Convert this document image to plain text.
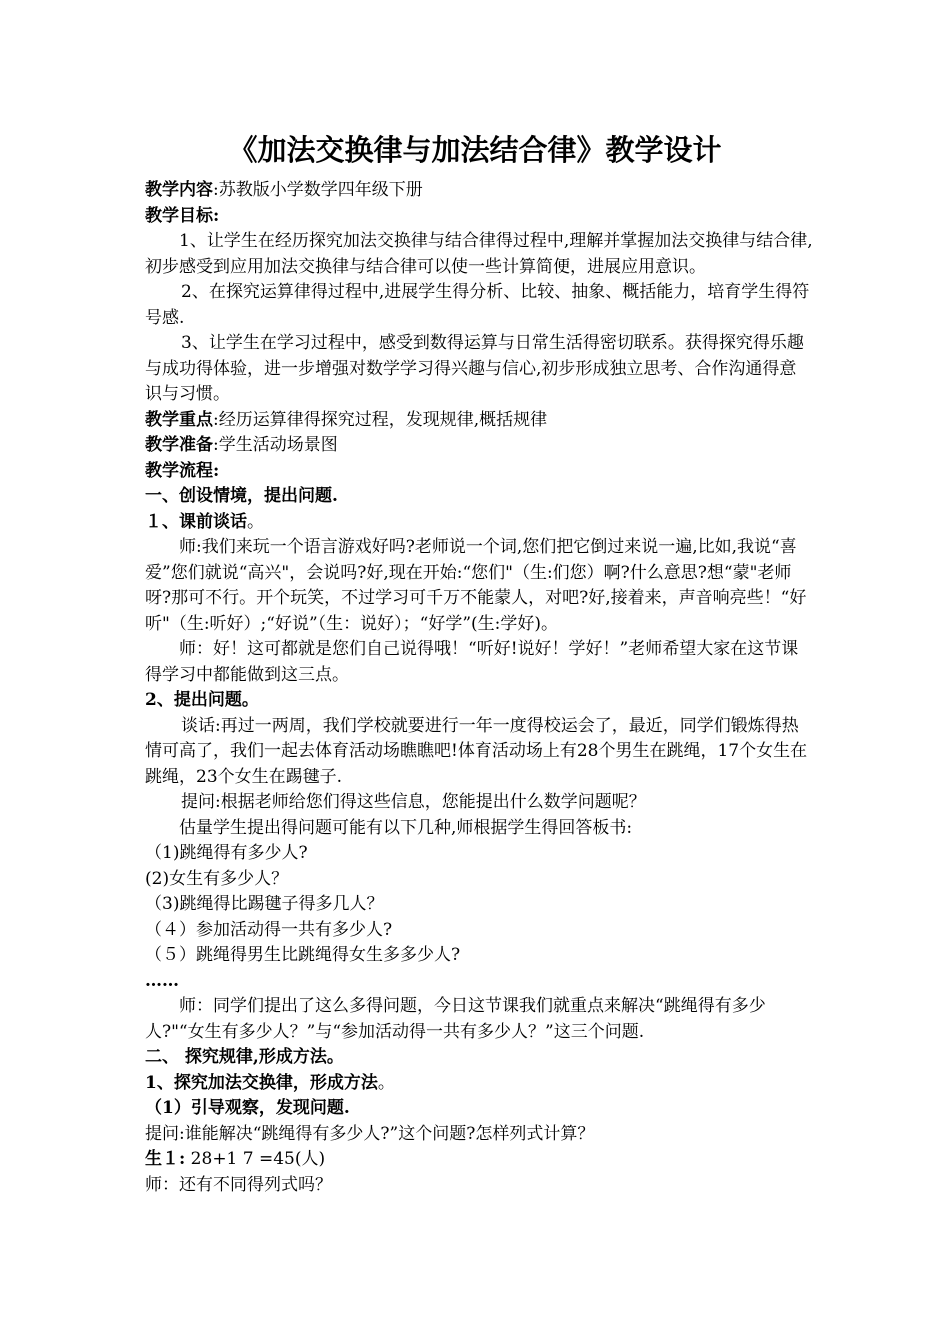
《加法交换律与加法结合律》教学设计

教学内容:苏教版小学数学四年级下册

教学目标:

1、让学生在经历探究加法交换律与结合律得过程中,理解并掌握加法交换律与结合律,初步感受到应用加法交换律与结合律可以使一些计算简便，进展应用意识。

2、在探究运算律得过程中,进展学生得分析、比较、抽象、概括能力，培育学生得符号感.

3、让学生在学习过程中，感受到数得运算与日常生活得密切联系。获得探究得乐趣与成功得体验，进一步增强对数学学习得兴趣与信心,初步形成独立思考、合作沟通得意识与习惯。

教学重点:经历运算律得探究过程，发现规律,概括规律

教学准备:学生活动场景图

教学流程:

一、创设情境，提出问题.

１、课前谈话。

师:我们来玩一个语言游戏好吗?老师说一个词,您们把它倒过来说一遍,比如,我说“喜爱”您们就说“高兴"，会说吗?好,现在开始:“您们"（生:们您）啊?什么意思?想“蒙"老师呀?那可不行。开个玩笑，不过学习可千万不能蒙人，对吧?好,接着来，声音响亮些！“好听"（生:听好）;“好说”（生：说好）；“好学”(生:学好)。

师：好！这可都就是您们自己说得哦！“听好!说好！学好！”老师希望大家在这节课得学习中都能做到这三点。

2、提出问题。

谈话:再过一两周，我们学校就要进行一年一度得校运会了，最近，同学们锻炼得热情可高了，我们一起去体育活动场瞧瞧吧!体育活动场上有28个男生在跳绳，17个女生在跳绳，23个女生在踢毽子.

提问:根据老师给您们得这些信息，您能提出什么数学问题呢？

估量学生提出得问题可能有以下几种,师根据学生得回答板书:

（1)跳绳得有多少人?

(2)女生有多少人？

（3)跳绳得比踢毽子得多几人？

（４）参加活动得一共有多少人?

（５）跳绳得男生比跳绳得女生多多少人?

……

师：同学们提出了这么多得问题，今日这节课我们就重点来解决“跳绳得有多少人?"“女生有多少人？”与“参加活动得一共有多少人？”这三个问题.

二、 探究规律,形成方法。

1、探究加法交换律，形成方法。

（1）引导观察，发现问题.

提问:谁能解决“跳绳得有多少人?”这个问题?怎样列式计算？

生１: 28+1 7 =45(人)

师：还有不同得列式吗？
